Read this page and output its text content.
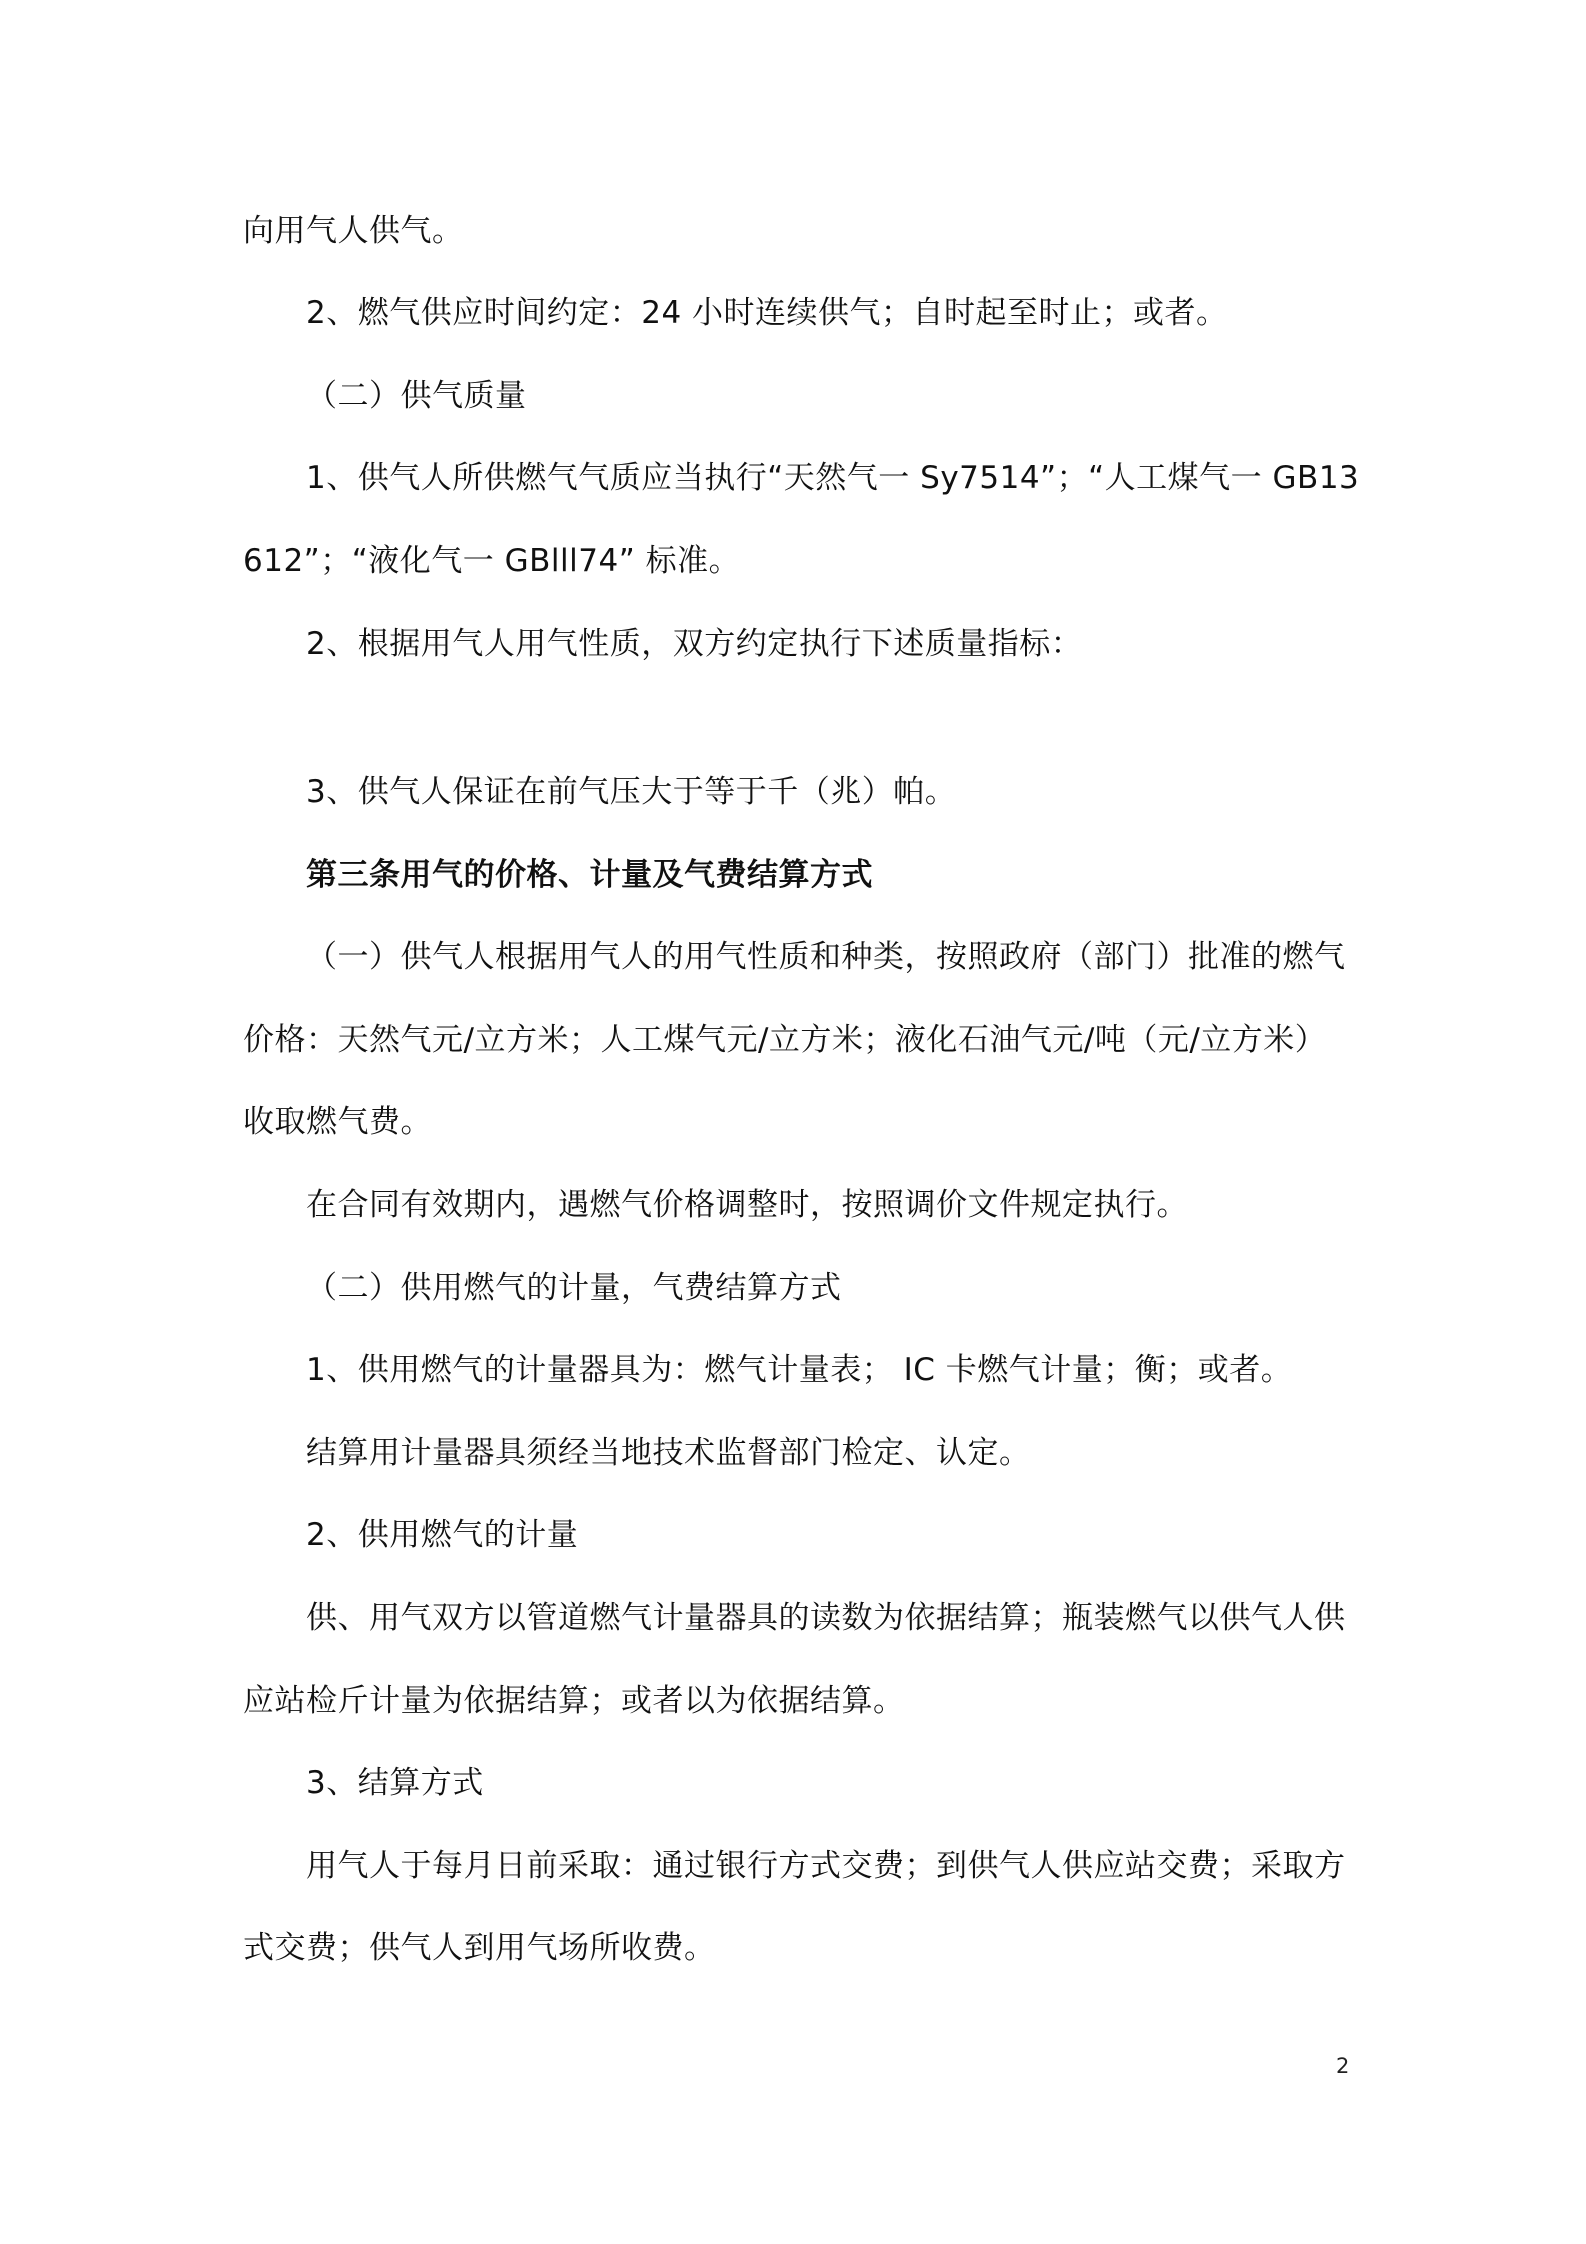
向用气人供气。
2、燃气供应时间约定：24 小时连续供气；自时起至时止；或者。
（二）供气质量
1、供气人所供燃气气质应当执行“天然气一 Sy7514”；“人工煤气一 GB13
612”；“液化气一 GBlll74” 标准。
2、根据用气人用气性质，双方约定执行下述质量指标：
3、供气人保证在前气压大于等于千（兆）帕。
第三条用气的价格、计量及气费结算方式
（一）供气人根据用气人的用气性质和种类，按照政府（部门）批准的燃气
价格：天然气元/立方米；人工煤气元/立方米；液化石油气元/吨（元/立方米）
收取燃气费。
在合同有效期内，遇燃气价格调整时，按照调价文件规定执行。
（二）供用燃气的计量，气费结算方式
1、供用燃气的计量器具为：燃气计量表； IC 卡燃气计量；衡；或者。
结算用计量器具须经当地技术监督部门检定、认定。
2、供用燃气的计量
供、用气双方以管道燃气计量器具的读数为依据结算；瓶装燃气以供气人供
应站检斤计量为依据结算；或者以为依据结算。
3、结算方式
用气人于每月日前采取：通过银行方式交费；到供气人供应站交费；采取方
式交费；供气人到用气场所收费。
2
